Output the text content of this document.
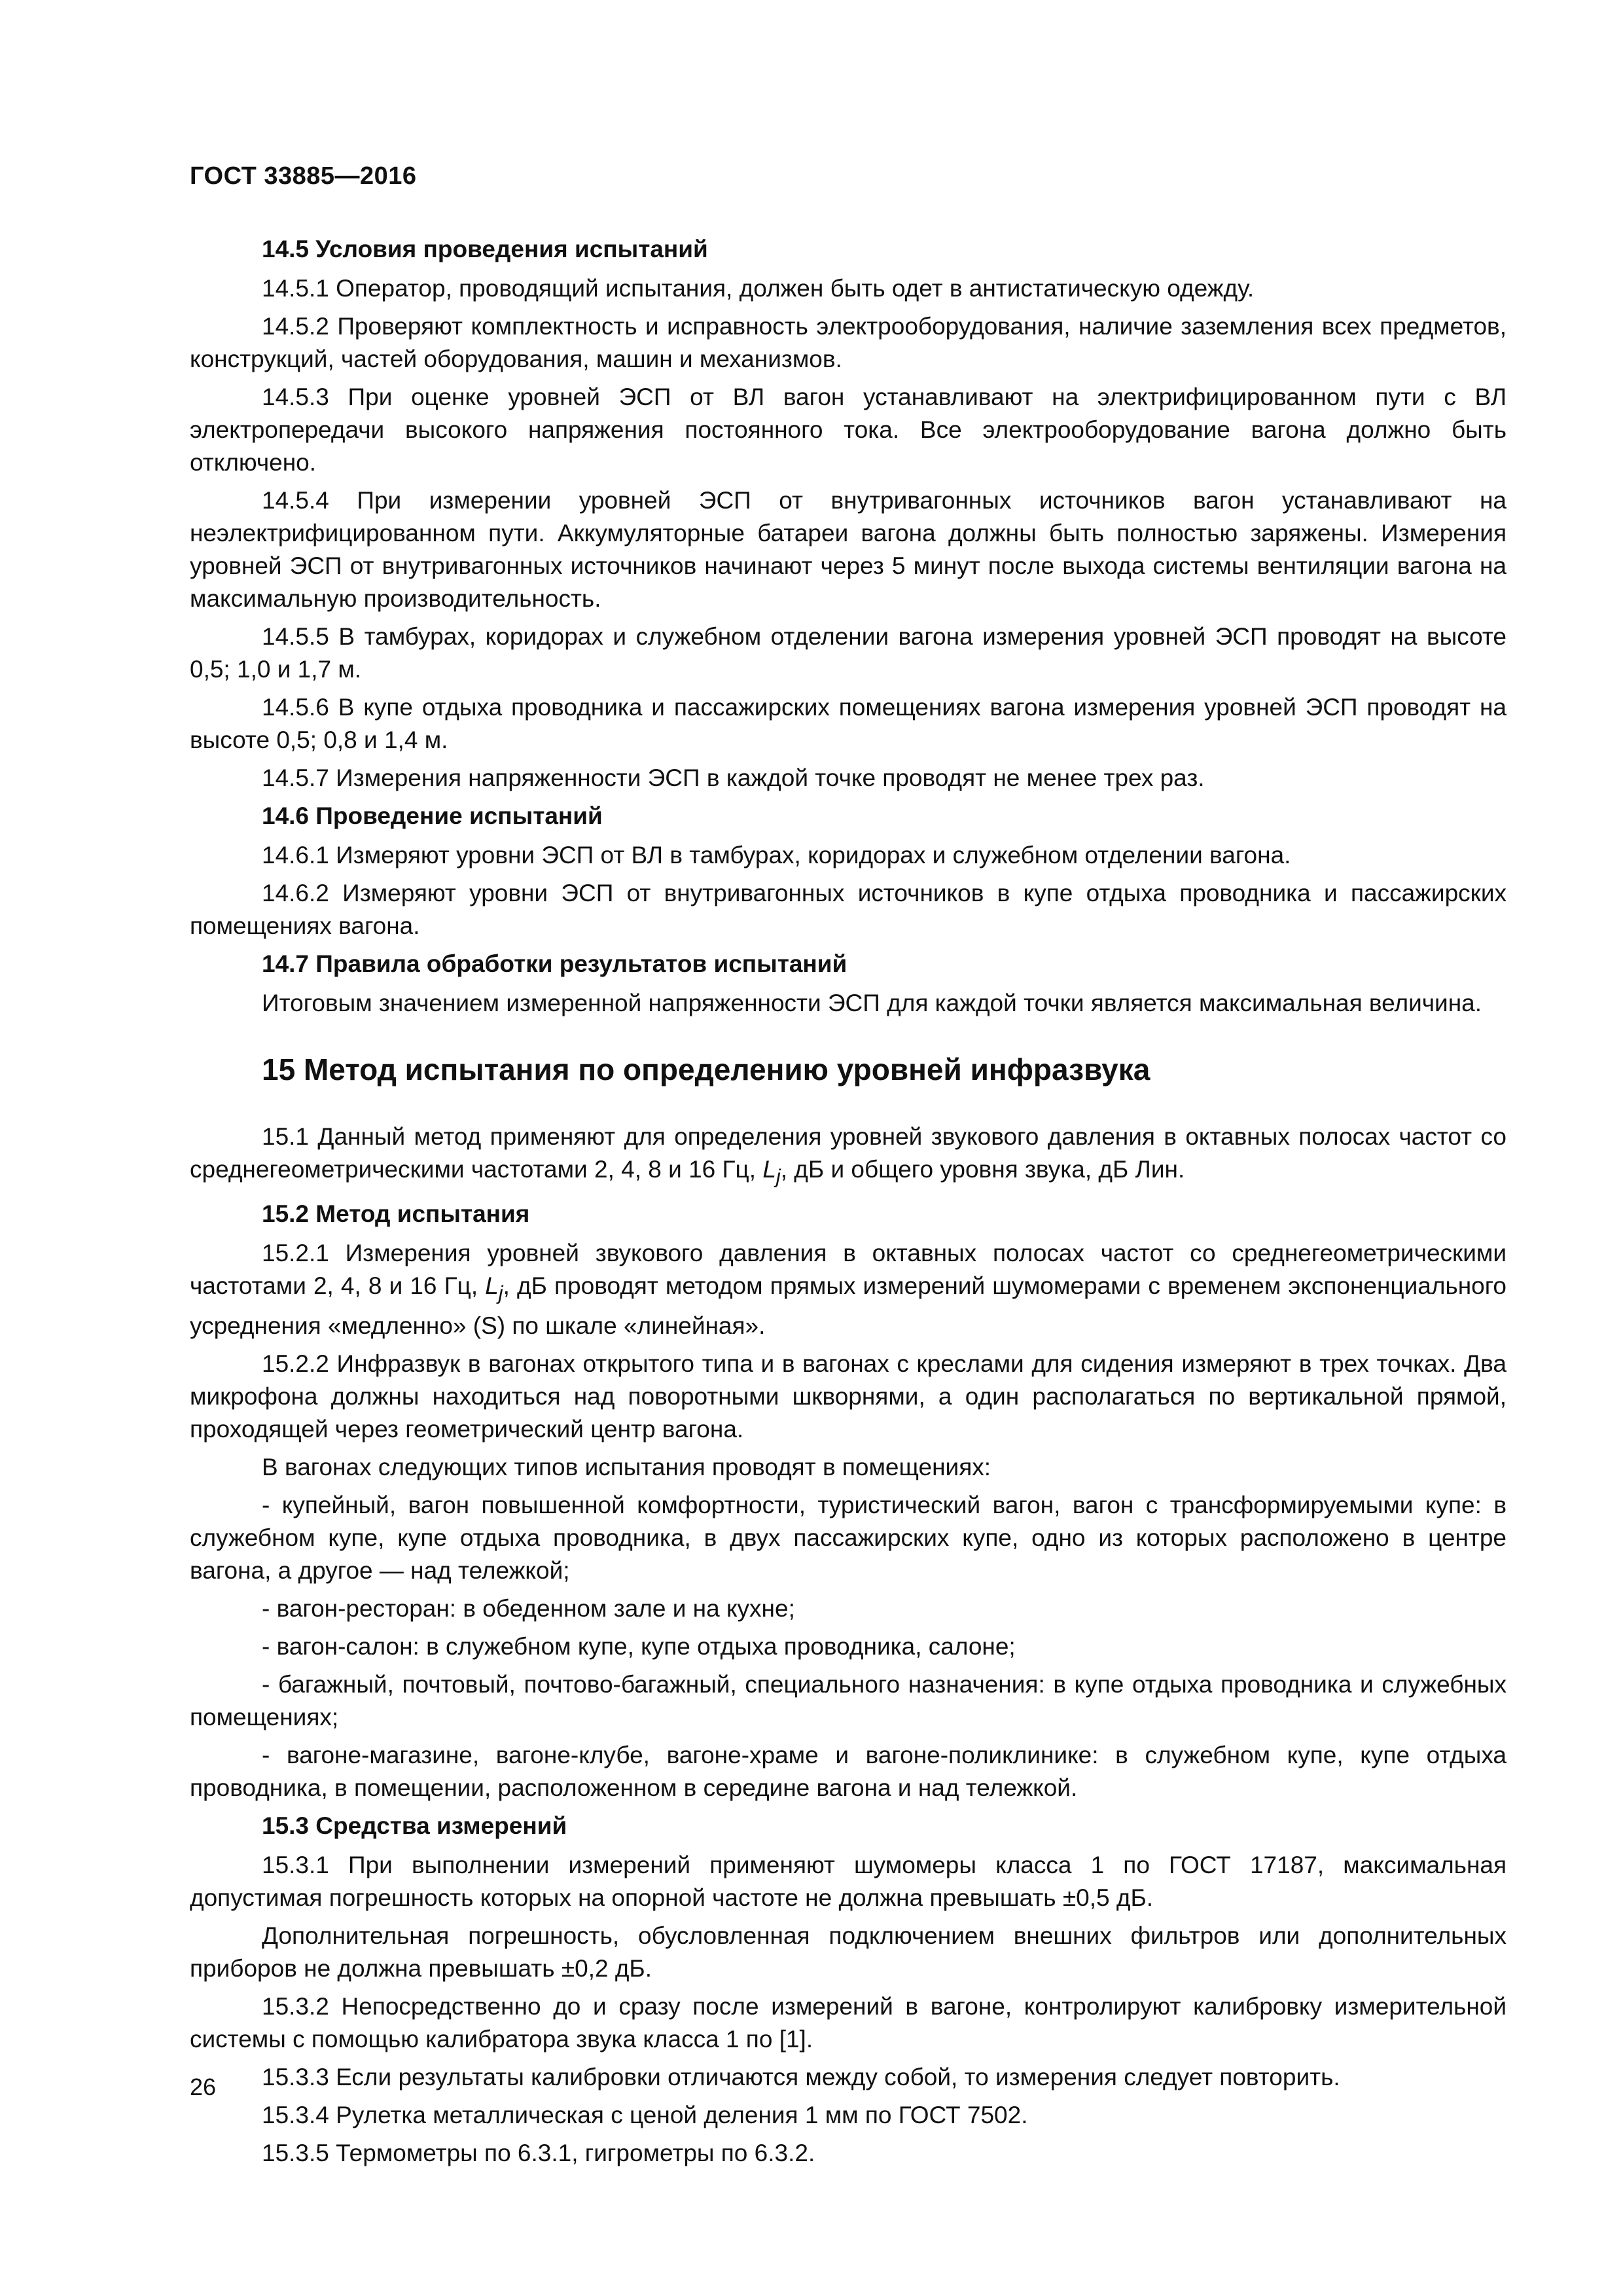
ГОСТ 33885—2016
14.5 Условия проведения испытаний

14.5.1 Оператор, проводящий испытания, должен быть одет в антистатическую одежду.

14.5.2 Проверяют комплектность и исправность электрооборудования, наличие заземления всех предметов, конструкций, частей оборудования, машин и механизмов.

14.5.3 При оценке уровней ЭСП от ВЛ вагон устанавливают на электрифицированном пути с ВЛ электропередачи высокого напряжения постоянного тока. Все электрооборудование вагона должно быть отключено.

14.5.4 При измерении уровней ЭСП от внутривагонных источников вагон устанавливают на неэлектрифицированном пути. Аккумуляторные батареи вагона должны быть полностью заряжены. Измерения уровней ЭСП от внутривагонных источников начинают через 5 минут после выхода системы вентиляции вагона на максимальную производительность.

14.5.5 В тамбурах, коридорах и служебном отделении вагона измерения уровней ЭСП проводят на высоте 0,5; 1,0 и 1,7 м.

14.5.6 В купе отдыха проводника и пассажирских помещениях вагона измерения уровней ЭСП проводят на высоте 0,5; 0,8 и 1,4 м.

14.5.7 Измерения напряженности ЭСП в каждой точке проводят не менее трех раз.

14.6 Проведение испытаний

14.6.1 Измеряют уровни ЭСП от ВЛ в тамбурах, коридорах и служебном отделении вагона.

14.6.2 Измеряют уровни ЭСП от внутривагонных источников в купе отдыха проводника и пассажирских помещениях вагона.

14.7 Правила обработки результатов испытаний

Итоговым значением измеренной напряженности ЭСП для каждой точки является максимальная величина.

15 Метод испытания по определению уровней инфразвука

15.1 Данный метод применяют для определения уровней звукового давления в октавных полосах частот со среднегеометрическими частотами 2, 4, 8 и 16 Гц, $L_j$, дБ и общего уровня звука, дБ Лин.

15.2 Метод испытания

15.2.1 Измерения уровней звукового давления в октавных полосах частот со среднегеометрическими частотами 2, 4, 8 и 16 Гц, $L_j$, дБ проводят методом прямых измерений шумомерами с временем экспоненциального усреднения «медленно» (S) по шкале «линейная».

15.2.2 Инфразвук в вагонах открытого типа и в вагонах с креслами для сидения измеряют в трех точках. Два микрофона должны находиться над поворотными шкворнями, а один располагаться по вертикальной прямой, проходящей через геометрический центр вагона.

В вагонах следующих типов испытания проводят в помещениях:

- купейный, вагон повышенной комфортности, туристический вагон, вагон с трансформируемыми купе: в служебном купе, купе отдыха проводника, в двух пассажирских купе, одно из которых расположено в центре вагона, а другое — над тележкой;

- вагон-ресторан: в обеденном зале и на кухне;

- вагон-салон: в служебном купе, купе отдыха проводника, салоне;

- багажный, почтовый, почтово-багажный, специального назначения: в купе отдыха проводника и служебных помещениях;

- вагоне-магазине, вагоне-клубе, вагоне-храме и вагоне-поликлинике: в служебном купе, купе отдыха проводника, в помещении, расположенном в середине вагона и над тележкой.

15.3 Средства измерений

15.3.1 При выполнении измерений применяют шумомеры класса 1 по ГОСТ 17187, максимальная допустимая погрешность которых на опорной частоте не должна превышать ±0,5 дБ.

Дополнительная погрешность, обусловленная подключением внешних фильтров или дополнительных приборов не должна превышать ±0,2 дБ.

15.3.2 Непосредственно до и сразу после измерений в вагоне, контролируют калибровку измерительной системы с помощью калибратора звука класса 1 по [1].

15.3.3 Если результаты калибровки отличаются между собой, то измерения следует повторить.

15.3.4 Рулетка металлическая с ценой деления 1 мм по ГОСТ 7502.

15.3.5 Термометры по 6.3.1, гигрометры по 6.3.2.

26
